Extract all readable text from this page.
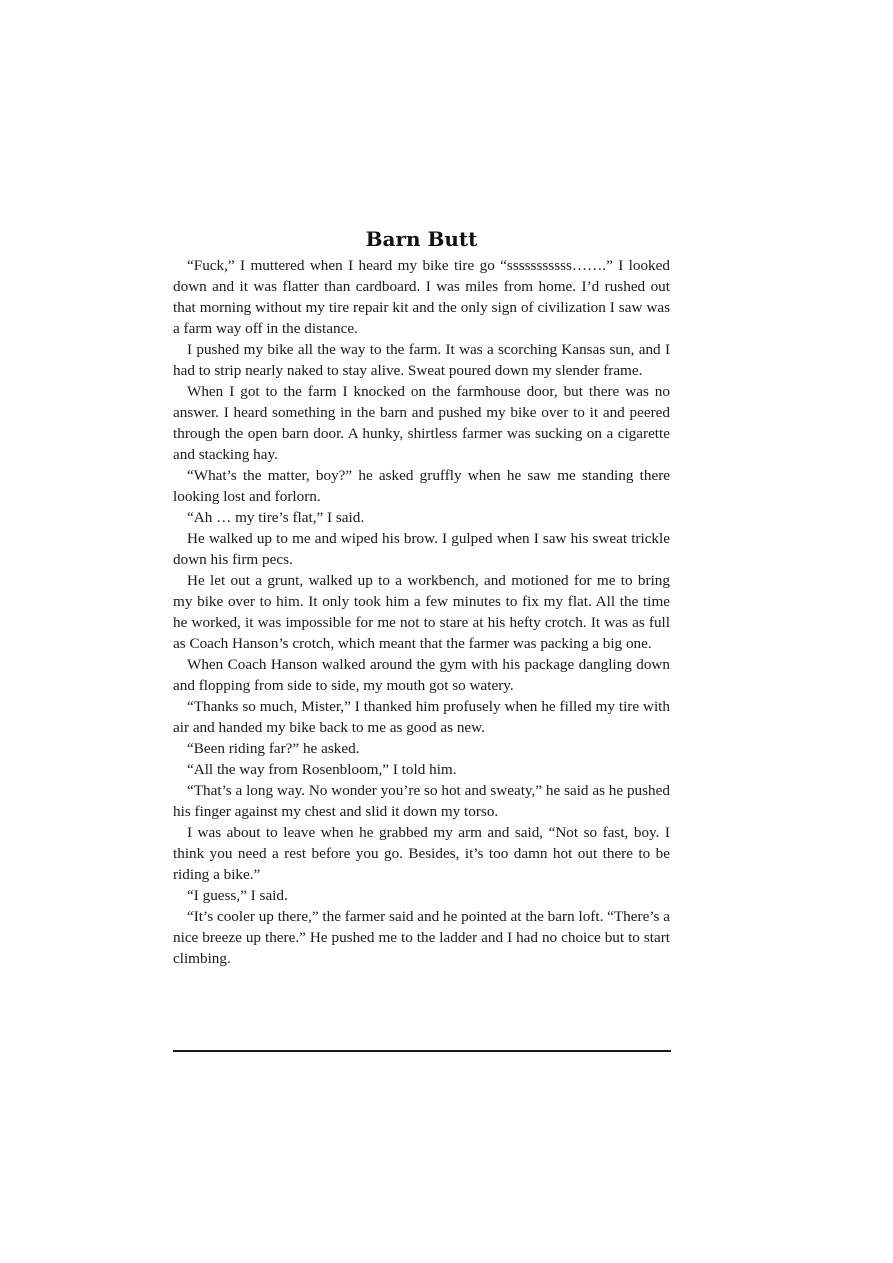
Barn Butt

“Fuck,” I muttered when I heard my bike tire go “sssssssssss…….” I looked down and it was flatter than cardboard. I was miles from home. I’d rushed out that morning without my tire repair kit and the only sign of civilization I saw was a farm way off in the distance.

I pushed my bike all the way to the farm. It was a scorching Kansas sun, and I had to strip nearly naked to stay alive. Sweat poured down my slender frame.

When I got to the farm I knocked on the farmhouse door, but there was no answer. I heard something in the barn and pushed my bike over to it and peered through the open barn door. A hunky, shirtless farmer was sucking on a cigarette and stacking hay.

“What’s the matter, boy?” he asked gruffly when he saw me standing there looking lost and forlorn.

“Ah … my tire’s flat,” I said.

He walked up to me and wiped his brow. I gulped when I saw his sweat trickle down his firm pecs.

He let out a grunt, walked up to a workbench, and motioned for me to bring my bike over to him. It only took him a few minutes to fix my flat. All the time he worked, it was impossible for me not to stare at his hefty crotch. It was as full as Coach Hanson’s crotch, which meant that the farmer was packing a big one.

When Coach Hanson walked around the gym with his package dangling down and flopping from side to side, my mouth got so watery.

“Thanks so much, Mister,” I thanked him profusely when he filled my tire with air and handed my bike back to me as good as new.

“Been riding far?” he asked.

“All the way from Rosenbloom,” I told him.

“That’s a long way. No wonder you’re so hot and sweaty,” he said as he pushed his finger against my chest and slid it down my torso.

I was about to leave when he grabbed my arm and said, “Not so fast, boy. I think you need a rest before you go. Besides, it’s too damn hot out there to be riding a bike.”

“I guess,” I said.

“It’s cooler up there,” the farmer said and he pointed at the barn loft. “There’s a nice breeze up there.” He pushed me to the ladder and I had no choice but to start climbing.
